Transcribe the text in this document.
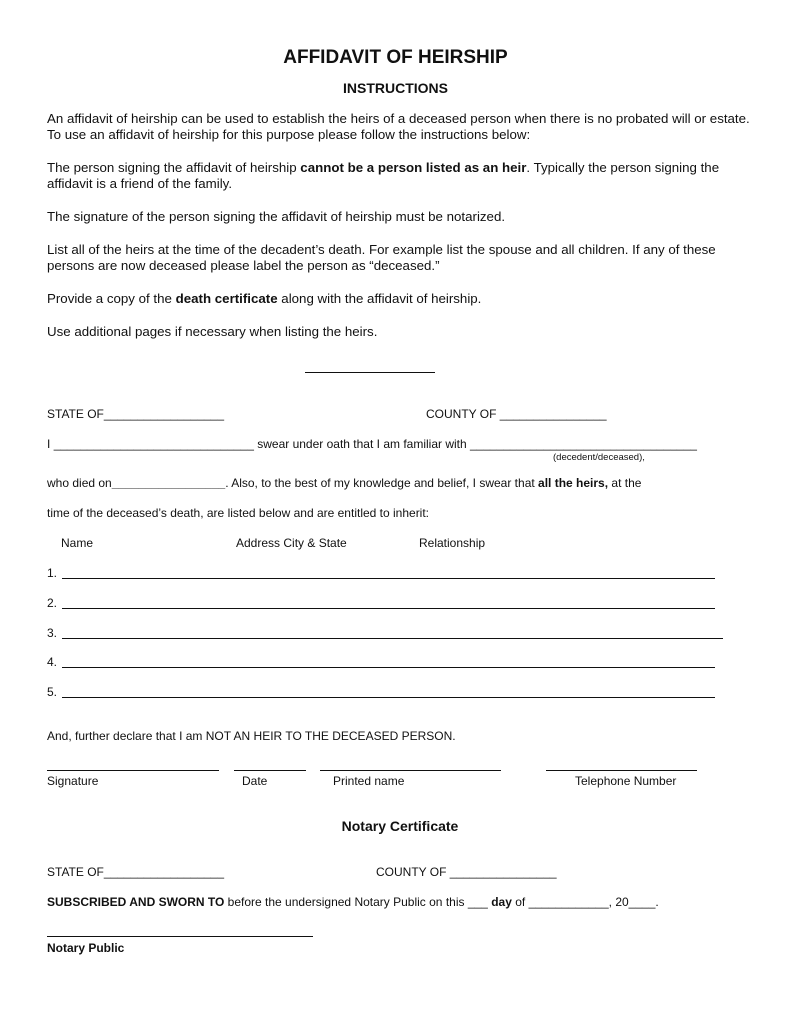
AFFIDAVIT OF HEIRSHIP
INSTRUCTIONS
An affidavit of heirship can be used to establish the heirs of a deceased person when there is no probated will or estate. To use an affidavit of heirship for this purpose please follow the instructions below:
The person signing the affidavit of heirship cannot be a person listed as an heir. Typically the person signing the affidavit is a friend of the family.
The signature of the person signing the affidavit of heirship must be notarized.
List all of the heirs at the time of the decadent’s death. For example list the spouse and all children. If any of these persons are now deceased please label the person as “deceased.”
Provide a copy of the death certificate along with the affidavit of heirship.
Use additional pages if necessary when listing the heirs.
STATE OF__________________	COUNTY OF ________________
I ______________________________ swear under oath that I am familiar with __________________________________
(decedent/deceased),
who died on_________________. Also, to the best of my knowledge and belief, I swear that all the heirs, at the
time of the deceased’s death, are listed below and are entitled to inherit:
Name	Address City & State	Relationship
1.
2.
3.
4.
5.
And, further declare that I am NOT AN HEIR TO THE DECEASED PERSON.
Signature	Date	Printed name	Telephone Number
Notary Certificate
STATE OF__________________	COUNTY OF ________________
SUBSCRIBED AND SWORN TO before the undersigned Notary Public on this ___ day of ____________, 20____.
Notary Public
